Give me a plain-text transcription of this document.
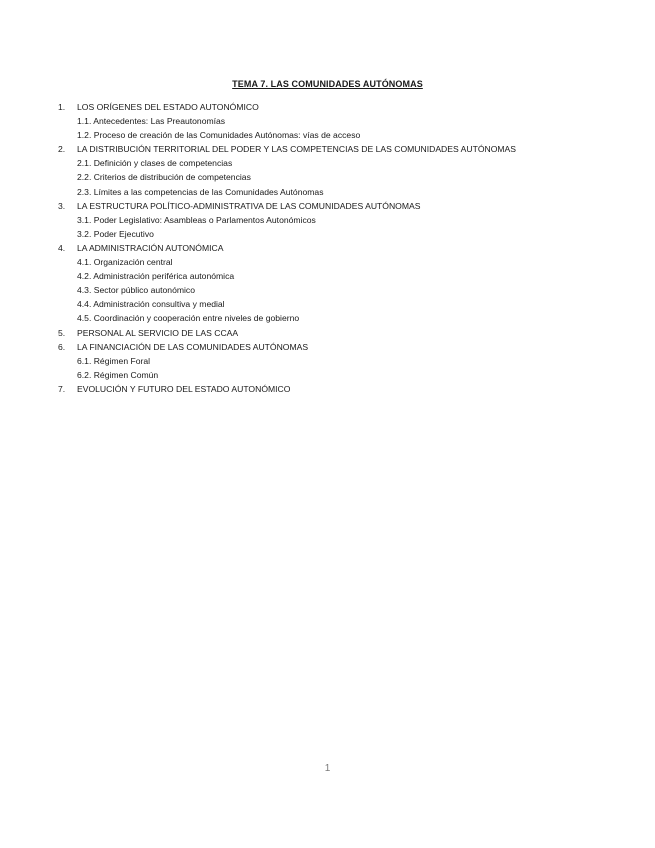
TEMA 7. LAS COMUNIDADES AUTÓNOMAS
1.	LOS ORÍGENES DEL ESTADO AUTONÓMICO
1.1. Antecedentes: Las Preautonomías
1.2. Proceso de creación de las Comunidades Autónomas: vías de acceso
2.	LA DISTRIBUCIÓN TERRITORIAL DEL PODER Y LAS COMPETENCIAS DE LAS COMUNIDADES AUTÓNOMAS
2.1. Definición y clases de competencias
2.2. Criterios de distribución de competencias
2.3. Límites a las competencias de las Comunidades Autónomas
3.	LA ESTRUCTURA POLÍTICO-ADMINISTRATIVA DE LAS COMUNIDADES AUTÓNOMAS
3.1. Poder Legislativo: Asambleas o Parlamentos Autonómicos
3.2. Poder Ejecutivo
4.	LA ADMINISTRACIÓN AUTONÓMICA
4.1. Organización central
4.2. Administración periférica autonómica
4.3. Sector público autonómico
4.4. Administración consultiva y medial
4.5. Coordinación y cooperación entre niveles de gobierno
5.	PERSONAL AL SERVICIO DE LAS CCAA
6.	LA FINANCIACIÓN DE LAS COMUNIDADES AUTÓNOMAS
6.1. Régimen Foral
6.2. Régimen Común
7.	EVOLUCIÓN Y FUTURO DEL ESTADO AUTONÓMICO
1
